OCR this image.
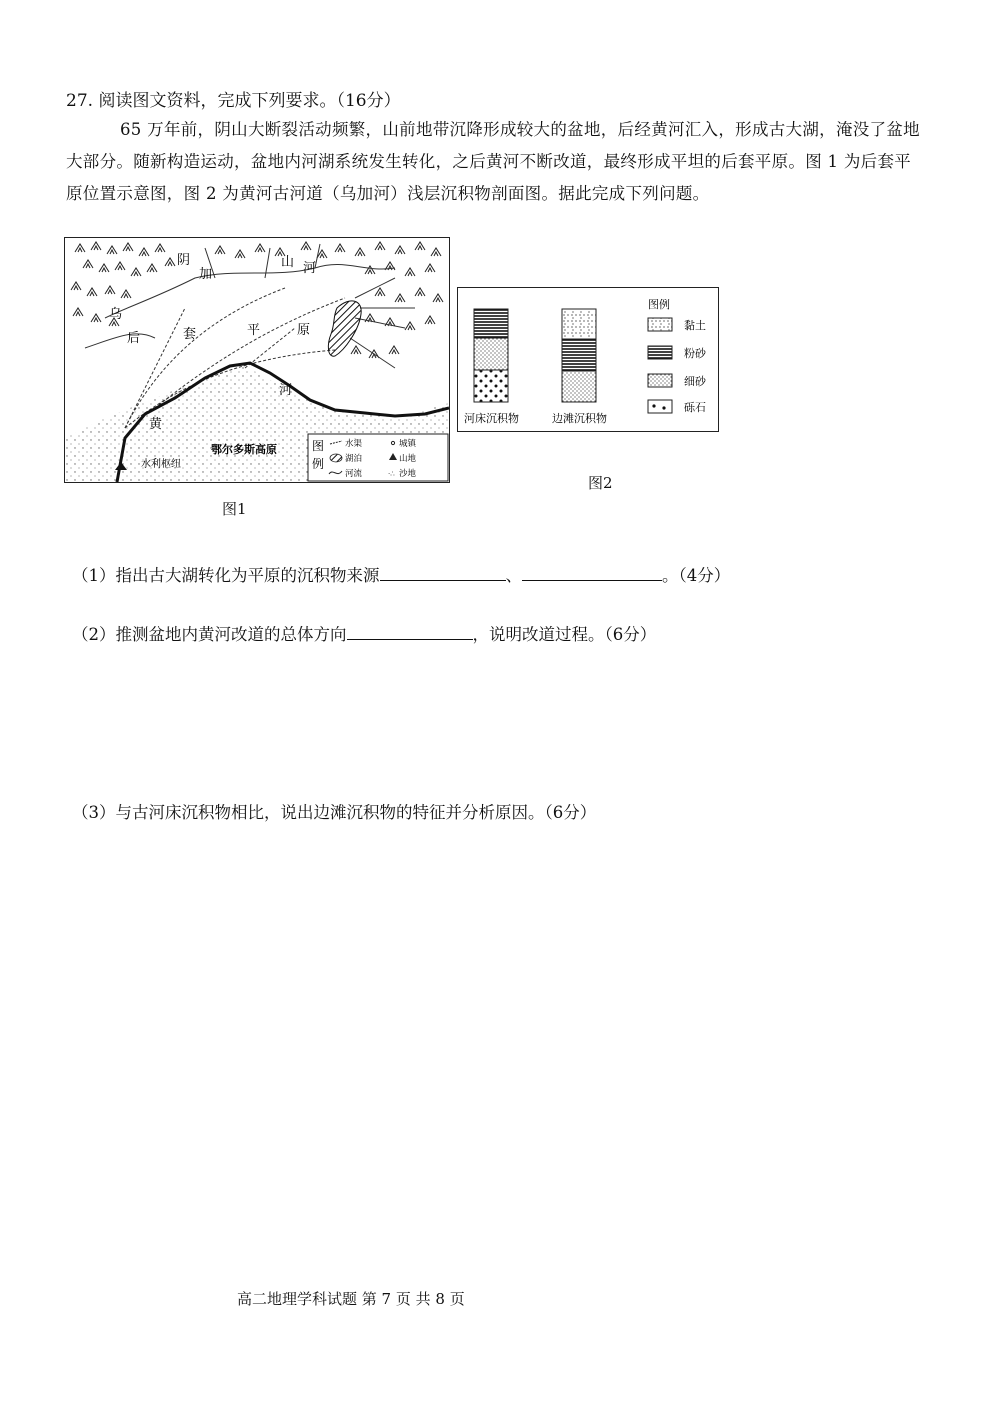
27. 阅读图文资料，完成下列要求。（16分）

65 万年前，阴山大断裂活动频繁，山前地带沉降形成较大的盆地，后经黄河汇入，形成古大湖，淹没了盆地大部分。随新构造运动，盆地内河湖系统发生转化，之后黄河不断改道，最终形成平坦的后套平原。图 1 为后套平原位置示意图，图 2 为黄河古河道（乌加河）浅层沉积物剖面图。据此完成下列问题。

阴
加
山 河
乌
后	套	平	原
河
黄
鄂尔多斯高原
水利枢纽
图
例
水渠	城镇
湖泊	山地
河流	·∴ 沙地
图1
河床沉积物	边滩沉积物
图例
黏土
粉砂
细砂
砾石
图2
（1）指出古大湖转化为平原的沉积物来源	、	。（4分）
（2）推测盆地内黄河改道的总体方向	，说明改道过程。（6分）
（3）与古河床沉积物相比，说出边滩沉积物的特征并分析原因。（6分）
高二地理学科试题 第 7 页 共 8 页
